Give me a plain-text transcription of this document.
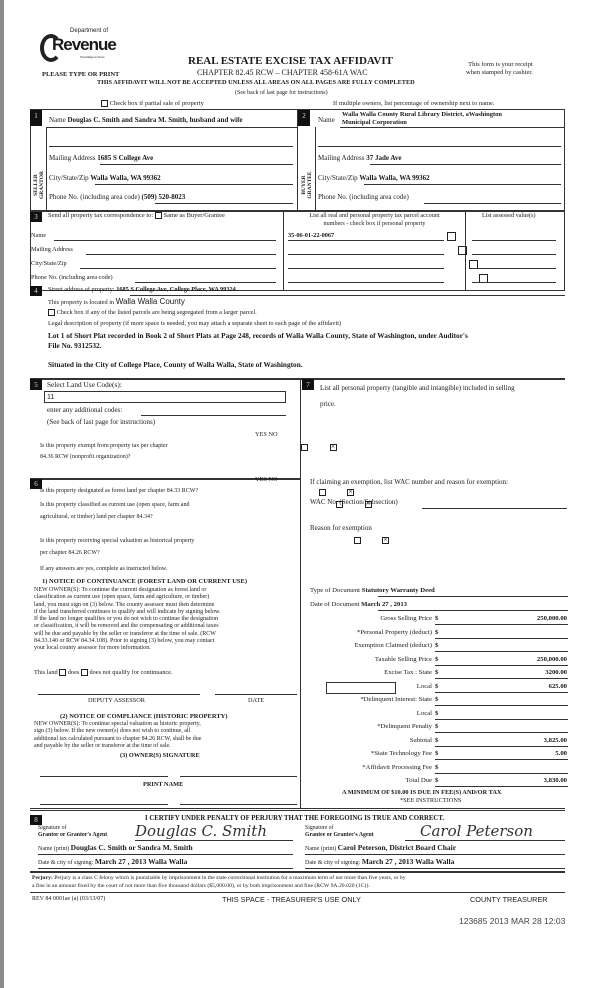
Department of
Revenue
Washington State
PLEASE TYPE OR PRINT
REAL ESTATE EXCISE TAX AFFIDAVIT
CHAPTER 82.45 RCW – CHAPTER 458-61A WAC
THIS AFFIDAVIT WILL NOT BE ACCEPTED UNLESS ALL AREAS ON ALL PAGES ARE FULLY COMPLETED
(See back of last page for instructions)
This form is your receipt
when stamped by cashier.
Check box if partial sale of property	If multiple owners, list percentage of ownership next to name.
1	2
SELLER GRANTOR	BUYER GRANTEE
Name Douglas C. Smith and Sandra M. Smith, husband and wife
Mailing Address 1685 S College Ave
City/State/Zip Walla Walla, WA 99362
Phone No. (including area code) (509) 520-8023
Name
Walla Walla County Rural Library District, aWashington
Municipal Corporation
Mailing Address 37 Jade Ave
City/State/Zip Walla Walla, WA 99362
Phone No. (including area code)
3	Send all property tax correspondence to: Same as Buyer/Grantee	List all real and personal property tax parcel account
numbers - check box if personal property
List assessed value(s)
Name
Mailing Address
City/State/Zip
Phone No. (including area code)
35-06-01-22-0067

4	Street address of property: 1685 S College Ave, College Place, WA 99324
This property is located in Walla Walla County
Check box if any of the listed parcels are being segregated from a larger parcel.
Legal description of property (if more space is needed, you may attach a separate sheet to each page of the affidavit)
Lot 1 of Short Plat recorded in Book 2 of Short Plats at Page 248, records of Walla Walla County, State of Washington, under Auditor's
File No. 9312532.
Situated in the City of College Place, County of Walla Walla, State of Washington.
5	Select Land Use Code(s):
11
enter any additional codes:
(See back of last page for instructions)
YES NO
Is this property exempt from property tax per chapter
84.36 RCW (nonprofit organization)?
×
7	List all personal property (tangible and intangible) included in selling
price.
6
YES NO
Is this property designated as forest land per chapter 84.33 RCW?
×
Is this property classified as current use (open space, farm and
agricultural, or timber) land per chapter 84.34?
×
Is this property receiving special valuation as historical property
per chapter 84.26 RCW?
×
If any answers are yes, complete as instructed below.
1) NOTICE OF CONTINUANCE (FOREST LAND OR CURRENT USE)
NEW OWNER(S): To continue the current designation as forest land or
classification as current use (open space, farm and agriculture, or timber)
land, you must sign on (3) below. The county assessor must then determine
if the land transferred continues to qualify and will indicate by signing below.
If the land no longer qualifies or you do not wish to continue the designation
or classification, it will be removed and the compensating or additional taxes
will be due and payable by the seller or transferor at the time of sale. (RCW
84.33.140 or RCW 84.34.108). Prior to signing (3) below, you may contact
your local county assessor for more information.
This land does does not qualify for continuance.
DEPUTY ASSESSOR	DATE
(2) NOTICE OF COMPLIANCE (HISTORIC PROPERTY)
NEW OWNER(S): To continue special valuation as historic property,
sign (3) below. If the new owner(s) does not wish to continue, all
additional tax calculated pursuant to chapter 84.26 RCW, shall be due
and payable by the seller or transferor at the time of sale.
(3) OWNER(S) SIGNATURE
PRINT NAME
If claiming an exemption, list WAC number and reason for exemption:
WAC No. (Section/Subsection)
Reason for exemption
Type of Document Statutory Warranty Deed
Date of Document March 27 , 2013
Gross Selling Price $	250,000.00
*Personal Property (deduct) $
Exemption Claimed (deduct) $
Taxable Selling Price $	250,000.00
Excise Tax : State $	3200.00
Local $	625.00
*Delinquent Interest: State $
Local $
*Delinquent Penalty $
Subtotal $	3,825.00
*State Technology Fee $	5.00
*Affidavit Processing Fee $
Total Due $	3,830.00
A MINIMUM OF $10.00 IS DUE IN FEE(S) AND/OR TAX
*SEE INSTRUCTIONS
8	I CERTIFY UNDER PENALTY OF PERJURY THAT THE FOREGOING IS TRUE AND CORRECT.
Signature of
Grantor or Grantor's Agent Douglas C. Smith	Signature of
Grantee or Grantee's Agent	Carol Peterson
Name (print) Douglas C. Smith or Sandra M. Smith	Name (print) Carol Peterson, District Board Chair
Date & city of signing: March 27 , 2013 Walla Walla	Date & city of signing: March 27 , 2013 Walla Walla
Perjury: Perjury is a class C felony which is punishable by imprisonment in the state correctional institution for a maximum term of not more than five years, or by
a fine in an amount fixed by the court of not more than five thousand dollars ($5,000.00), or by both imprisonment and fine (RCW 9A.20.020 (1C)).
REV 84 0001ae (a) (03/13/07)	THIS SPACE - TREASURER'S USE ONLY	COUNTY TREASURER
123685 2013 MAR 28 12:03
